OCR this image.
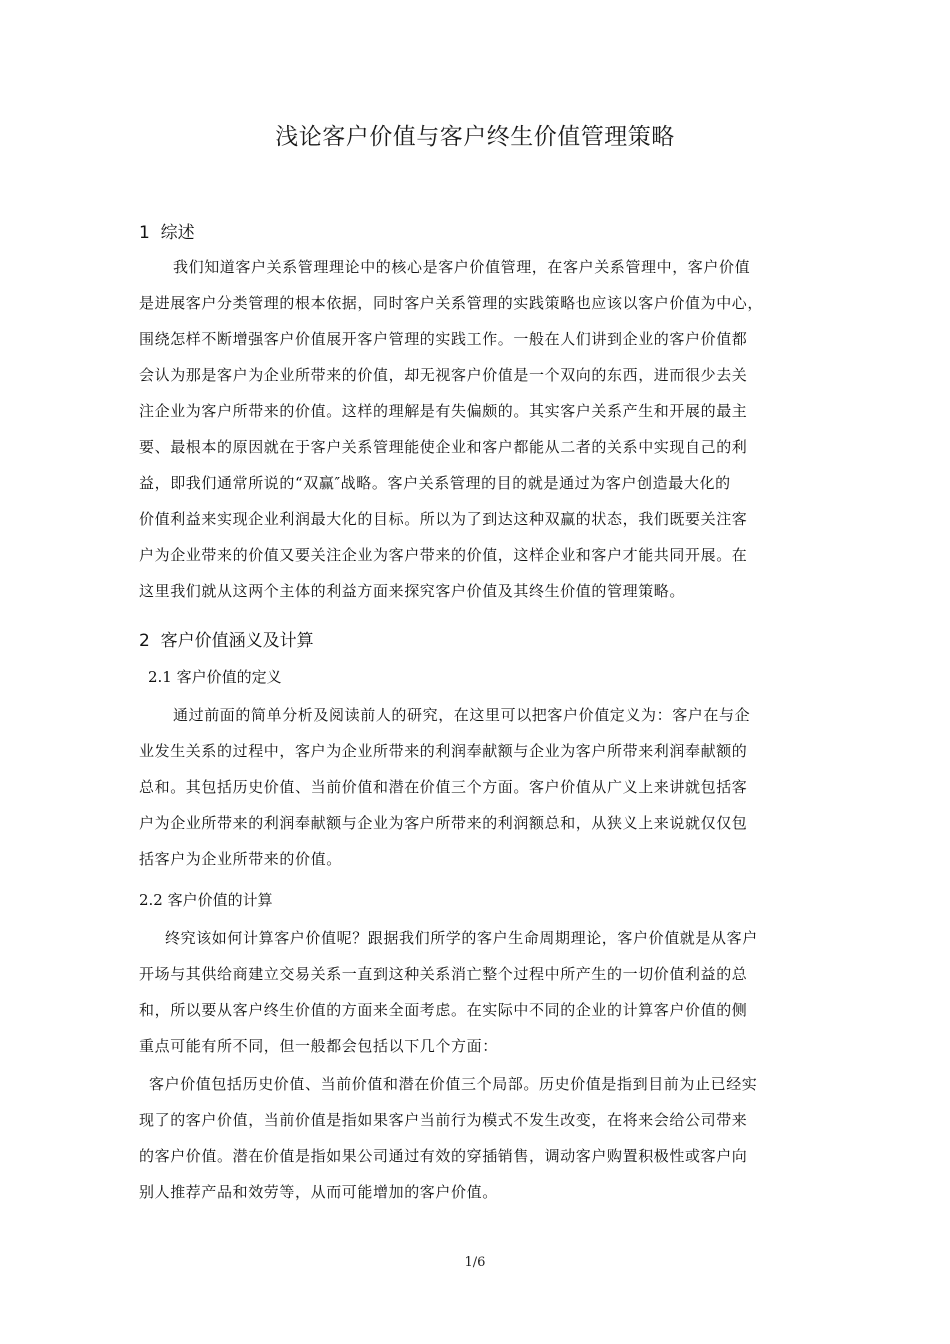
浅论客户价值与客户终生价值管理策略
1  综述
我们知道客户关系管理理论中的核心是客户价值管理，在客户关系管理中，客户价值
是进展客户分类管理的根本依据，同时客户关系管理的实践策略也应该以客户价值为中心，
围绕怎样不断增强客户价值展开客户管理的实践工作。一般在人们讲到企业的客户价值都
会认为那是客户为企业所带来的价值，却无视客户价值是一个双向的东西，进而很少去关
注企业为客户所带来的价值。这样的理解是有失偏颇的。其实客户关系产生和开展的最主
要、最根本的原因就在于客户关系管理能使企业和客户都能从二者的关系中实现自己的利
益，即我们通常所说的“双赢″战略。客户关系管理的目的就是通过为客户创造最大化的
价值利益来实现企业利润最大化的目标。所以为了到达这种双赢的状态，我们既要关注客
户为企业带来的价值又要关注企业为客户带来的价值，这样企业和客户才能共同开展。在
这里我们就从这两个主体的利益方面来探究客户价值及其终生价值的管理策略。
2  客户价值涵义及计算
2.1 客户价值的定义
通过前面的简单分析及阅读前人的研究，在这里可以把客户价值定义为：客户在与企
业发生关系的过程中，客户为企业所带来的利润奉献额与企业为客户所带来利润奉献额的
总和。其包括历史价值、当前价值和潜在价值三个方面。客户价值从广义上来讲就包括客
户为企业所带来的利润奉献额与企业为客户所带来的利润额总和，从狭义上来说就仅仅包
括客户为企业所带来的价值。
2.2 客户价值的计算
终究该如何计算客户价值呢？跟据我们所学的客户生命周期理论，客户价值就是从客户
开场与其供给商建立交易关系一直到这种关系消亡整个过程中所产生的一切价值利益的总
和，所以要从客户终生价值的方面来全面考虑。在实际中不同的企业的计算客户价值的侧
重点可能有所不同，但一般都会包括以下几个方面：
客户价值包括历史价值、当前价值和潜在价值三个局部。历史价值是指到目前为止已经实
现了的客户价值，当前价值是指如果客户当前行为模式不发生改变，在将来会给公司带来
的客户价值。潜在价值是指如果公司通过有效的穿插销售，调动客户购置积极性或客户向
别人推荐产品和效劳等，从而可能增加的客户价值。
1/6
